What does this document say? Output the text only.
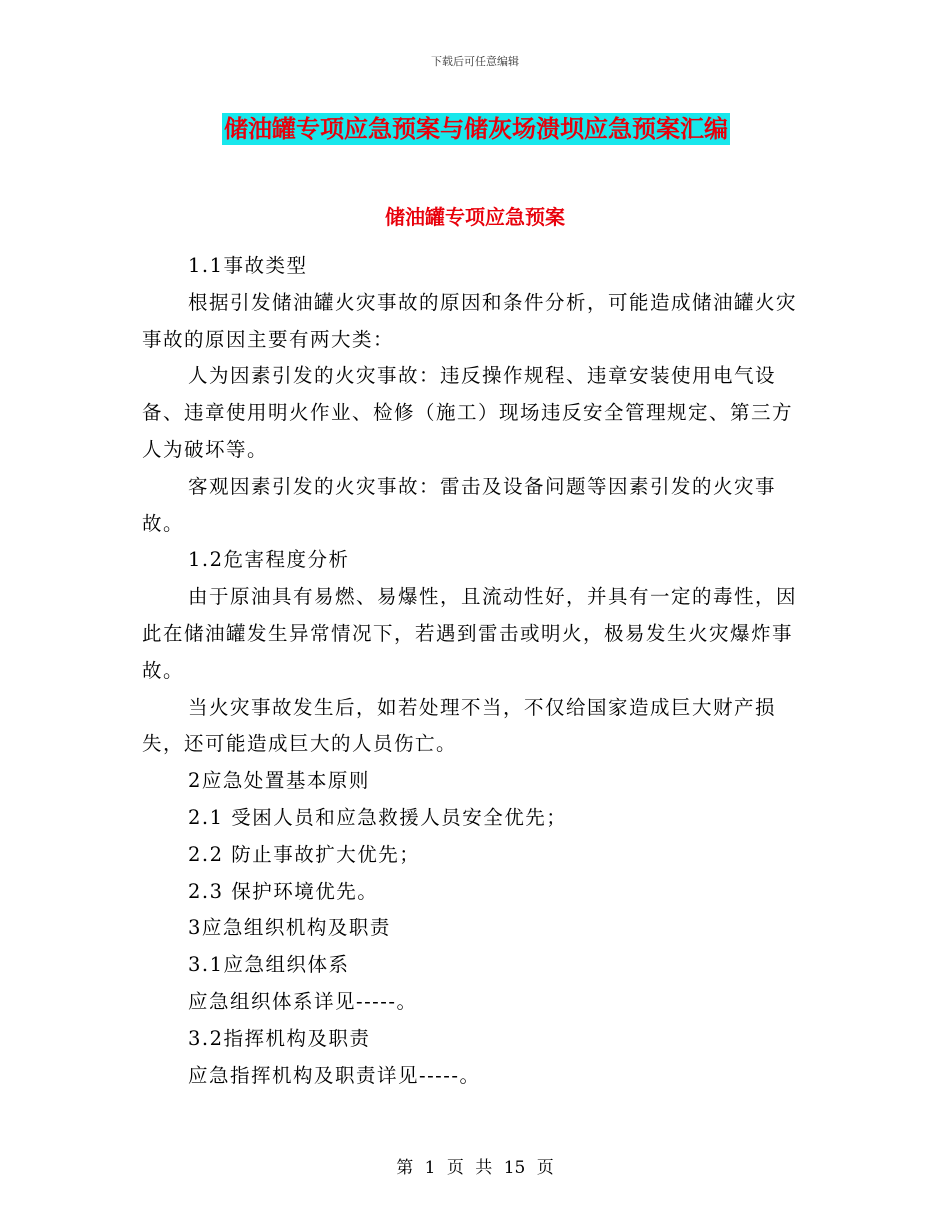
下载后可任意编辑
储油罐专项应急预案与储灰场溃坝应急预案汇编
储油罐专项应急预案

1.1事故类型

根据引发储油罐火灾事故的原因和条件分析，可能造成储油罐火灾事故的原因主要有两大类：

人为因素引发的火灾事故：违反操作规程、违章安装使用电气设备、违章使用明火作业、检修（施工）现场违反安全管理规定、第三方人为破坏等。

客观因素引发的火灾事故：雷击及设备问题等因素引发的火灾事故。

1.2危害程度分析

由于原油具有易燃、易爆性，且流动性好，并具有一定的毒性，因此在储油罐发生异常情况下，若遇到雷击或明火，极易发生火灾爆炸事故。

当火灾事故发生后，如若处理不当，不仅给国家造成巨大财产损失，还可能造成巨大的人员伤亡。

2应急处置基本原则

2.1 受困人员和应急救援人员安全优先；

2.2 防止事故扩大优先；

2.3 保护环境优先。

3应急组织机构及职责

3.1应急组织体系

应急组织体系详见-----。

3.2指挥机构及职责

应急指挥机构及职责详见-----。

第 1 页 共 15 页
